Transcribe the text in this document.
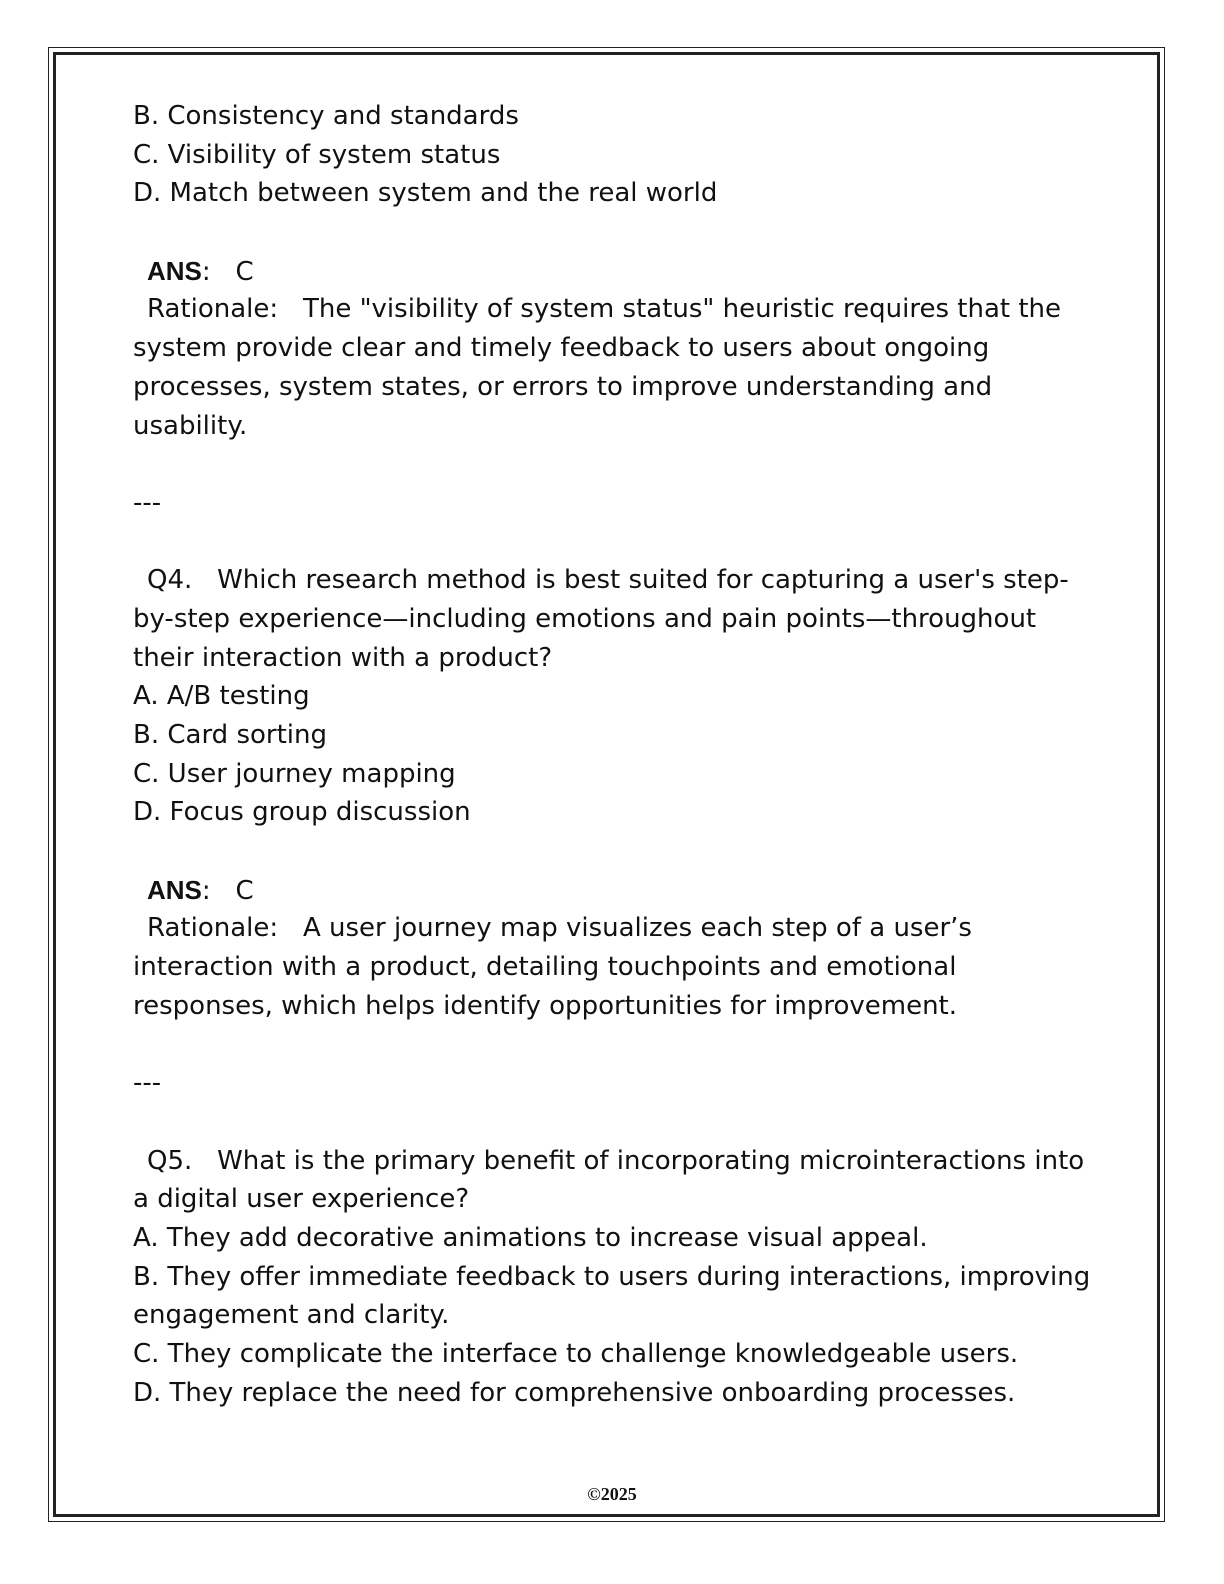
B. Consistency and standards
C. Visibility of system status
D. Match between system and the real world
ANS:   C
Rationale: The "visibility of system status" heuristic requires that the
system provide clear and timely feedback to users about ongoing
processes, system states, or errors to improve understanding and
usability.
---
Q4. Which research method is best suited for capturing a user's step-
by-step experience—including emotions and pain points—throughout
their interaction with a product?
A. A/B testing
B. Card sorting
C. User journey mapping
D. Focus group discussion
ANS:   C
Rationale: A user journey map visualizes each step of a user’s
interaction with a product, detailing touchpoints and emotional
responses, which helps identify opportunities for improvement.
---
Q5. What is the primary benefit of incorporating microinteractions into
a digital user experience?
A. They add decorative animations to increase visual appeal.
B. They offer immediate feedback to users during interactions, improving
engagement and clarity.
C. They complicate the interface to challenge knowledgeable users.
D. They replace the need for comprehensive onboarding processes.
©2025
